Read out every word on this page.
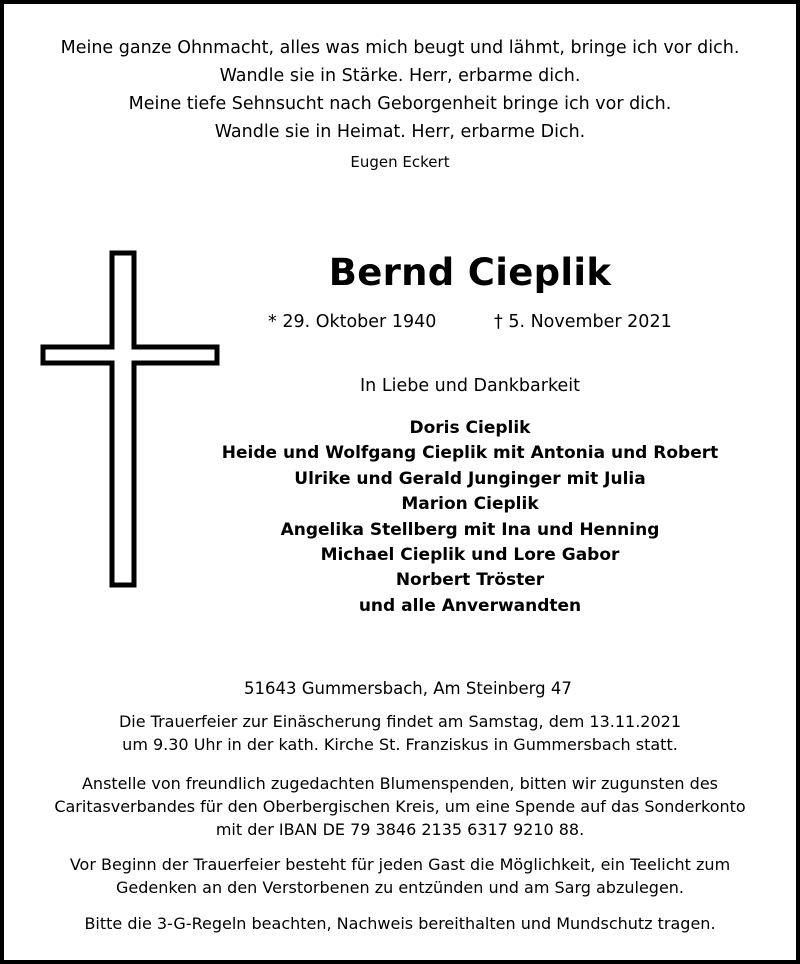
Meine ganze Ohnmacht, alles was mich beugt und lähmt, bringe ich vor dich.
Wandle sie in Stärke. Herr, erbarme dich.
Meine tiefe Sehnsucht nach Geborgenheit bringe ich vor dich.
Wandle sie in Heimat. Herr, erbarme Dich.
Eugen Eckert
Bernd Cieplik
* 29. Oktober 1940	† 5. November 2021
In Liebe und Dankbarkeit
Doris Cieplik
Heide und Wolfgang Cieplik mit Antonia und Robert
Ulrike und Gerald Junginger mit Julia
Marion Cieplik
Angelika Stellberg mit Ina und Henning
Michael Cieplik und Lore Gabor
Norbert Tröster
und alle Anverwandten
51643 Gummersbach, Am Steinberg 47
Die Trauerfeier zur Einäscherung findet am Samstag, dem 13.11.2021
um 9.30 Uhr in der kath. Kirche St. Franziskus in Gummersbach statt.
Anstelle von freundlich zugedachten Blumenspenden, bitten wir zugunsten des
Caritasverbandes für den Oberbergischen Kreis, um eine Spende auf das Sonderkonto
mit der IBAN DE 79 3846 2135 6317 9210 88.
Vor Beginn der Trauerfeier besteht für jeden Gast die Möglichkeit, ein Teelicht zum
Gedenken an den Verstorbenen zu entzünden und am Sarg abzulegen.
Bitte die 3-G-Regeln beachten, Nachweis bereithalten und Mundschutz tragen.
